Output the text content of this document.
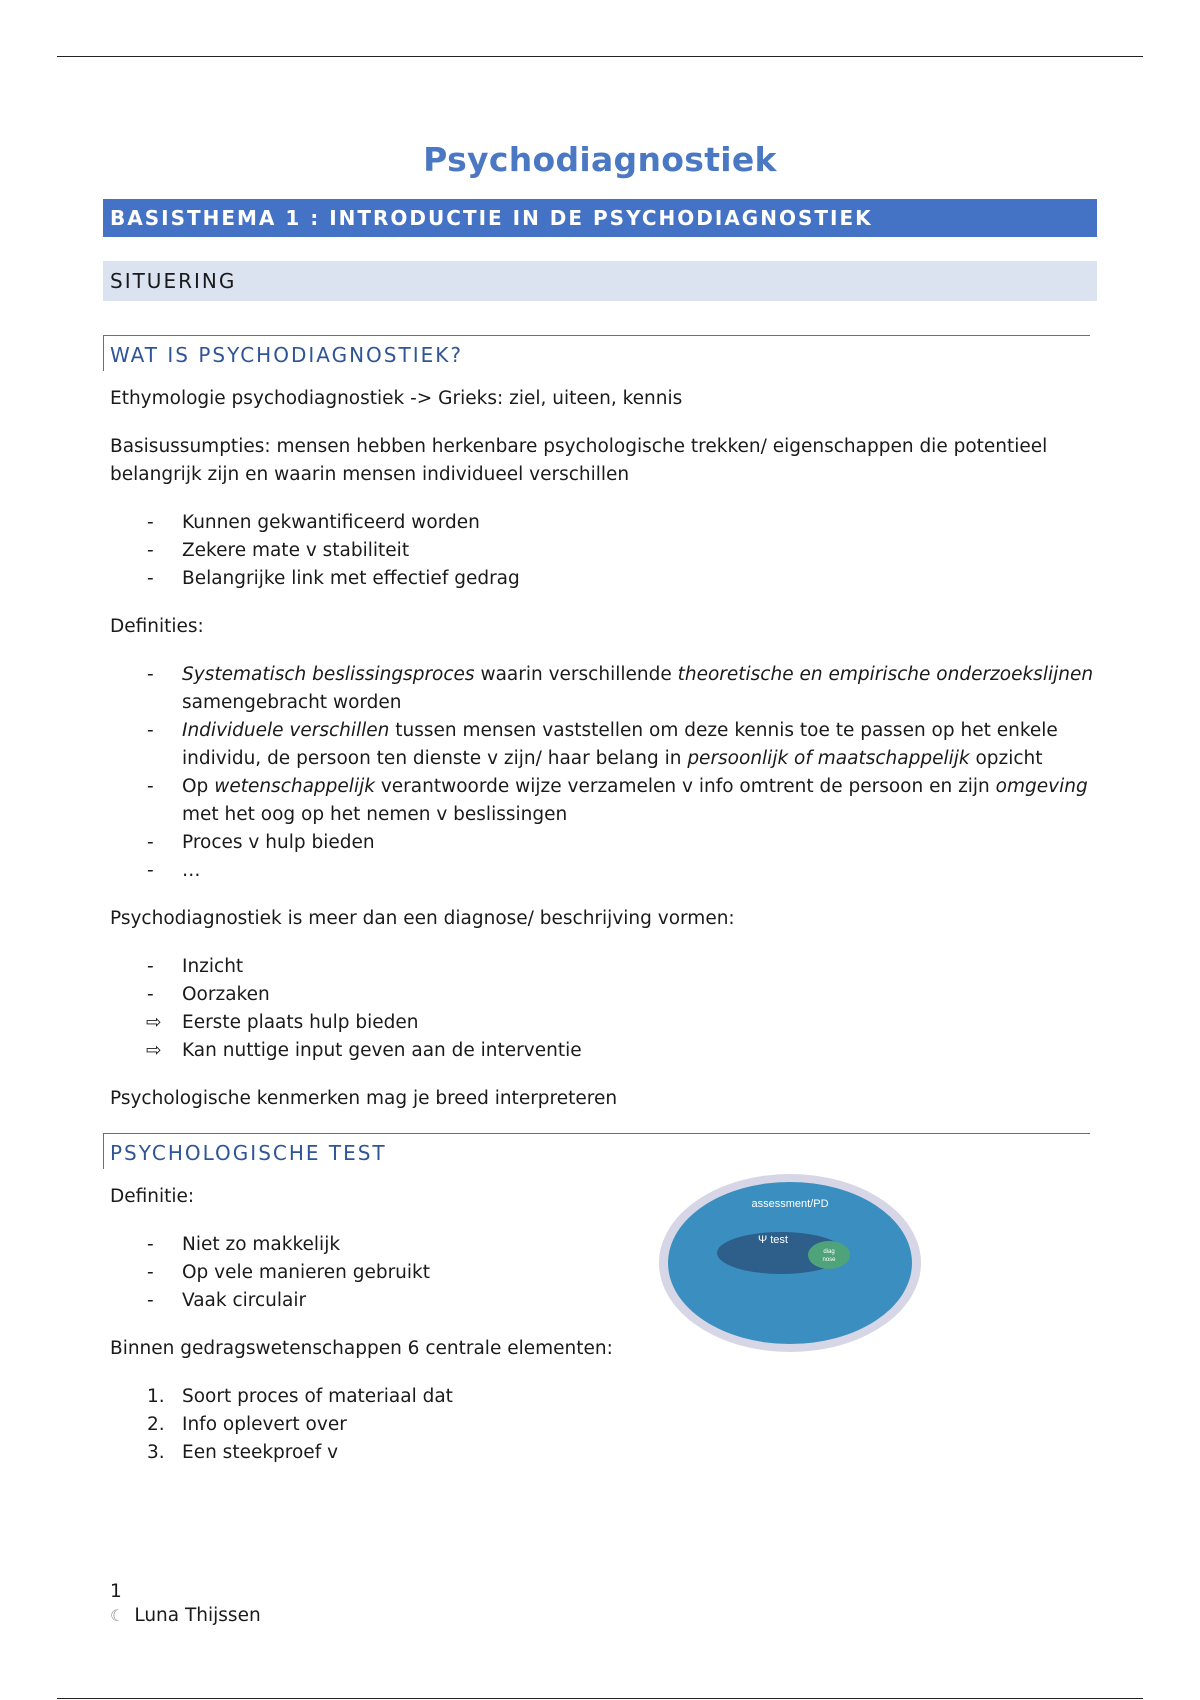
Psychodiagnostiek
BASISTHEMA 1 : INTRODUCTIE IN DE PSYCHODIAGNOSTIEK
SITUERING
WAT IS PSYCHODIAGNOSTIEK?

Ethymologie psychodiagnostiek -> Grieks: ziel, uiteen, kennis

Basisussumpties: mensen hebben herkenbare psychologische trekken/ eigenschappen die potentieel belangrijk zijn en waarin mensen individueel verschillen

- Kunnen gekwantificeerd worden
- Zekere mate v stabiliteit
- Belangrijke link met effectief gedrag

Definities:

- Systematisch beslissingsproces waarin verschillende theoretische en empirische onderzoekslijnen samengebracht worden
- Individuele verschillen tussen mensen vaststellen om deze kennis toe te passen op het enkele individu, de persoon ten dienste v zijn/ haar belang in persoonlijk of maatschappelijk opzicht
- Op wetenschappelijk verantwoorde wijze verzamelen v info omtrent de persoon en zijn omgeving met het oog op het nemen v beslissingen
- Proces v hulp bieden
- …

Psychodiagnostiek is meer dan een diagnose/ beschrijving vormen:

- Inzicht
- Oorzaken
⇨ Eerste plaats hulp bieden
⇨ Kan nuttige input geven aan de interventie

Psychologische kenmerken mag je breed interpreteren

PSYCHOLOGISCHE TEST

Definitie:

- Niet zo makkelijk
- Op vele manieren gebruikt
- Vaak circulair

Binnen gedragswetenschappen 6 centrale elementen:

1. Soort proces of materiaal dat
2. Info oplevert over
3. Een steekproef v
assessment/PD
Ψ test
diag
nose
1
☾ Luna Thijssen
